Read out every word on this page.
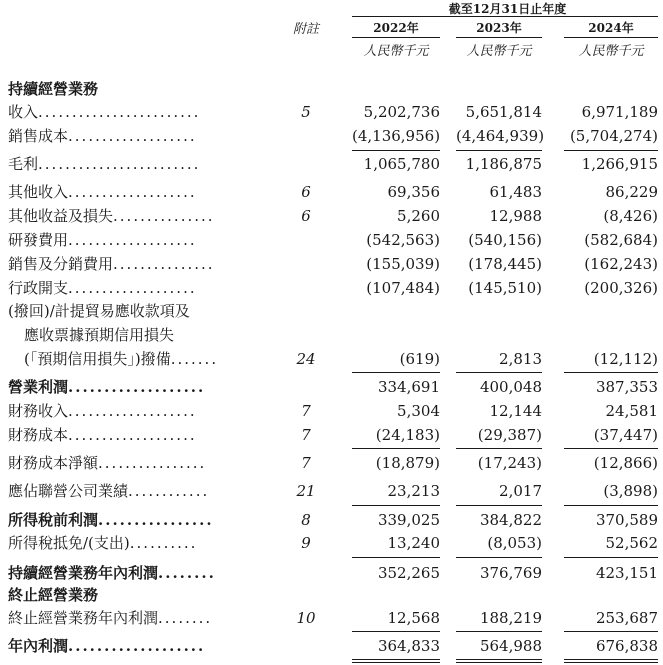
截至12月31日止年度
附註	2022年	2023年	2024年
人民幣千元	人民幣千元	人民幣千元
持續經營業務
收入........................	5	5,202,736	5,651,814	6,971,189
銷售成本...................	(4,136,956) (4,464,939)	(5,704,274)
毛利........................	1,065,780	1,186,875	1,266,915
其他收入...................	6	69,356	61,483	86,229
其他收益及損失...............	6	5,260	12,988	(8,426)
研發費用...................	(542,563)	(540,156)	(582,684)
銷售及分銷費用...............	(155,039)	(178,445)	(162,243)
行政開支...................	(107,484)	(145,510)	(200,326)
(撥回)/計提貿易應收款項及
應收票據預期信用損失
(「預期信用損失」)撥備.......	24	(619)	2,813	(12,112)
營業利潤...................	334,691	400,048	387,353
財務收入...................	7	5,304	12,144	24,581
財務成本...................	7	(24,183)	(29,387)	(37,447)
財務成本淨額................	7	(18,879)	(17,243)	(12,866)
應佔聯營公司業績............	21	23,213	2,017	(3,898)
所得稅前利潤................	8	339,025	384,822	370,589
所得稅抵免/(支出)..........	9	13,240	(8,053)	52,562
持續經營業務年內利潤........	352,265	376,769	423,151
終止經營業務
終止經營業務年內利潤........	10	12,568	188,219	253,687
年內利潤...................	364,833	564,988	676,838
